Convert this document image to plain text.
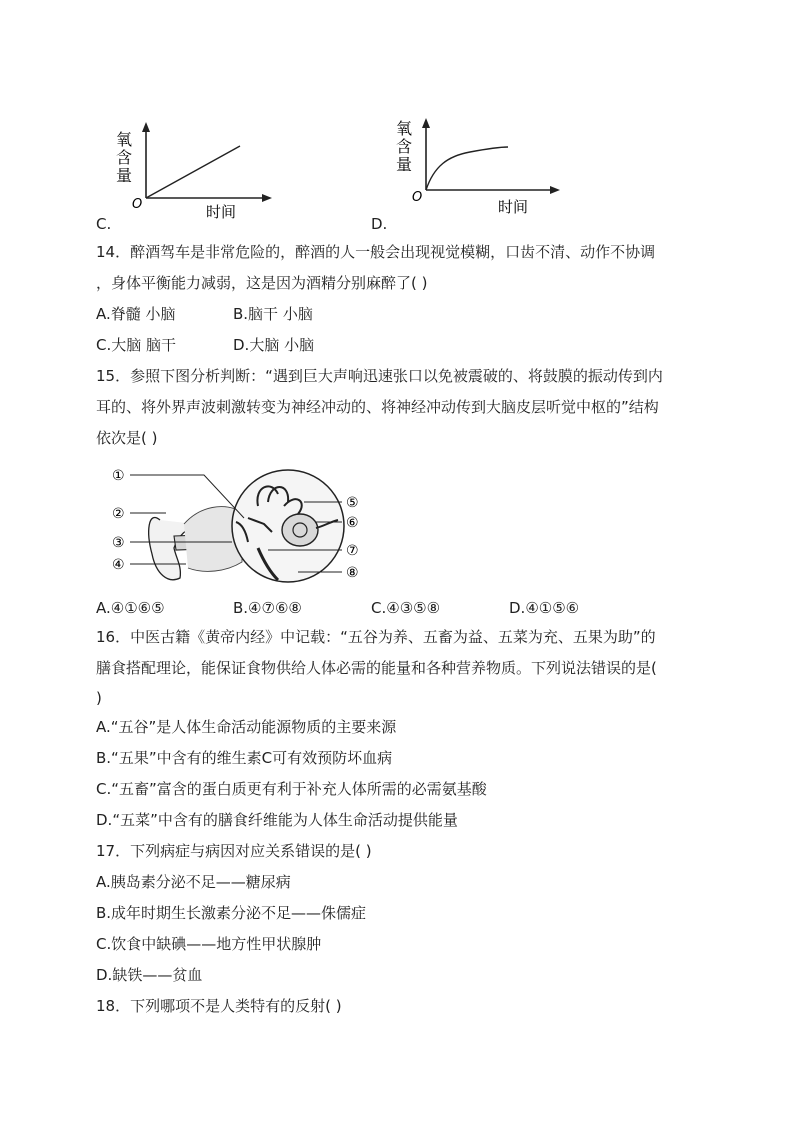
氧
含
量
O	时间
C.
氧
含
量
O
时间
D.
14．醉酒驾车是非常危险的，醉酒的人一般会出现视觉模糊，口齿不清、动作不协调
，身体平衡能力减弱，这是因为酒精分别麻醉了( )
A.脊髓 小脑	B.脑干 小脑
C.大脑 脑干	D.大脑 小脑
15．参照下图分析判断：“遇到巨大声响迅速张口以免被震破的、将鼓膜的振动传到内
耳的、将外界声波刺激转变为神经冲动的、将神经冲动传到大脑皮层听觉中枢的”结构
依次是( )
①
②
③
④
⑤
⑥
⑦
⑧
A.④①⑥⑤	B.④⑦⑥⑧	C.④③⑤⑧	D.④①⑤⑥
16．中医古籍《黄帝内经》中记载：“五谷为养、五畜为益、五菜为充、五果为助”的
膳食搭配理论，能保证食物供给人体必需的能量和各种营养物质。下列说法错误的是(
)
A.“五谷”是人体生命活动能源物质的主要来源
B.“五果”中含有的维生素C可有效预防坏血病
C.“五畜”富含的蛋白质更有利于补充人体所需的必需氨基酸
D.“五菜”中含有的膳食纤维能为人体生命活动提供能量
17．下列病症与病因对应关系错误的是( )
A.胰岛素分泌不足——糖尿病
B.成年时期生长激素分泌不足——侏儒症
C.饮食中缺碘——地方性甲状腺肿
D.缺铁——贫血
18．下列哪项不是人类特有的反射( )
